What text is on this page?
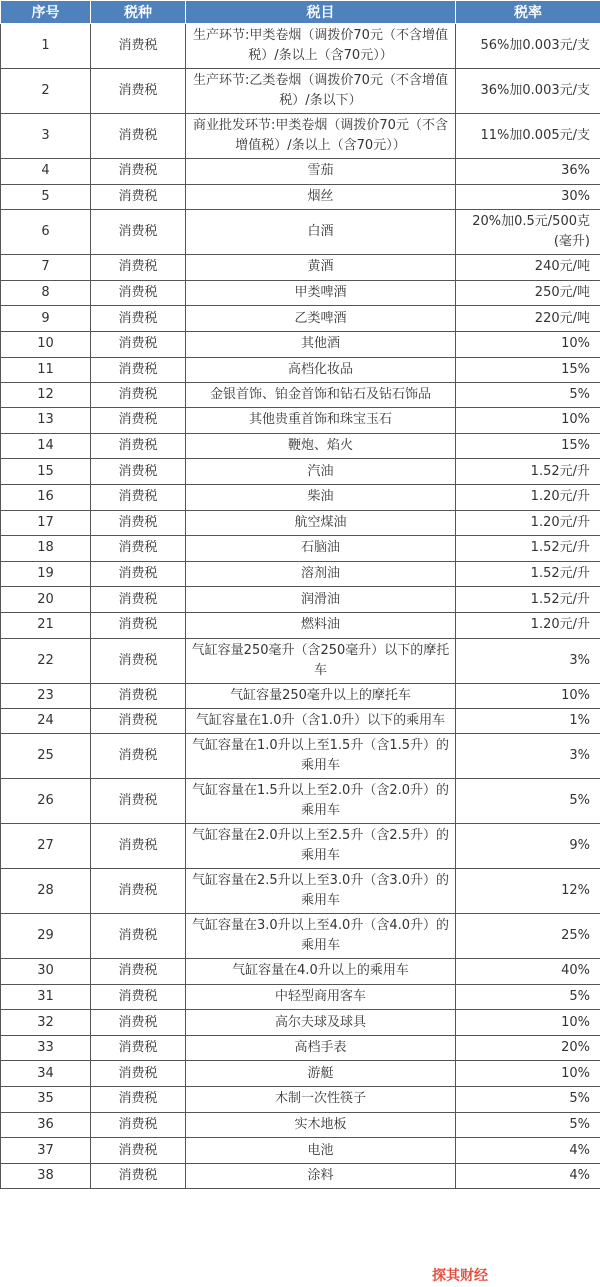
序号	税种	税目	税率
1	消费税	生产环节:甲类卷烟（调拨价70元（不含增值税）/条以上（含70元））	56%加0.003元/支
2	消费税	生产环节:乙类卷烟（调拨价70元（不含增值税）/条以下）	36%加0.003元/支
3	消费税	商业批发环节:甲类卷烟（调拨价70元（不含增值税）/条以上（含70元））	11%加0.005元/支
4	消费税	雪茄	36%
5	消费税	烟丝	30%
6	消费税	白酒	20%加0.5元/500克(毫升)
7	消费税	黄酒	240元/吨
8	消费税	甲类啤酒	250元/吨
9	消费税	乙类啤酒	220元/吨
10	消费税	其他酒	10%
11	消费税	高档化妆品	15%
12	消费税	金银首饰、铂金首饰和钻石及钻石饰品	5%
13	消费税	其他贵重首饰和珠宝玉石	10%
14	消费税	鞭炮、焰火	15%
15	消费税	汽油	1.52元/升
16	消费税	柴油	1.20元/升
17	消费税	航空煤油	1.20元/升
18	消费税	石脑油	1.52元/升
19	消费税	溶剂油	1.52元/升
20	消费税	润滑油	1.52元/升
21	消费税	燃料油	1.20元/升
22	消费税	气缸容量250毫升（含250毫升）以下的摩托车	3%
23	消费税	气缸容量250毫升以上的摩托车	10%
24	消费税	气缸容量在1.0升（含1.0升）以下的乘用车	1%
25	消费税	气缸容量在1.0升以上至1.5升（含1.5升）的乘用车	3%
26	消费税	气缸容量在1.5升以上至2.0升（含2.0升）的乘用车	5%
27	消费税	气缸容量在2.0升以上至2.5升（含2.5升）的乘用车	9%
28	消费税	气缸容量在2.5升以上至3.0升（含3.0升）的乘用车	12%
29	消费税	气缸容量在3.0升以上至4.0升（含4.0升）的乘用车	25%
30	消费税	气缸容量在4.0升以上的乘用车	40%
31	消费税	中轻型商用客车	5%
32	消费税	高尔夫球及球具	10%
33	消费税	高档手表	20%
34	消费税	游艇	10%
35	消费税	木制一次性筷子	5%
36	消费税	实木地板	5%
37	消费税	电池	4%
38	消费税	涂料	4%
探其财经
